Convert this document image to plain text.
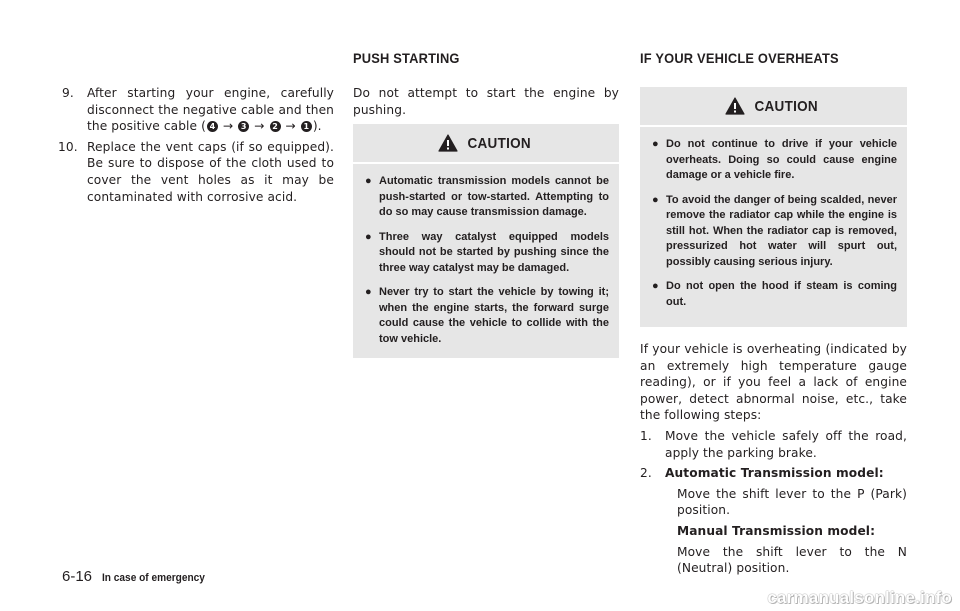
9. After starting your engine, carefully disconnect the negative cable and then the positive cable ( 4 → 3 → 2 → 1 ).
10. Replace the vent caps (if so equipped). Be sure to dispose of the cloth used to cover the vent holes as it may be contaminated with corrosive acid.
PUSH STARTING
Do not attempt to start the engine by pushing.
CAUTION
● Automatic transmission models cannot be push-started or tow-started. Attempting to do so may cause transmission damage.
● Three way catalyst equipped models should not be started by pushing since the three way catalyst may be damaged.
● Never try to start the vehicle by towing it; when the engine starts, the forward surge could cause the vehicle to collide with the tow vehicle.
IF YOUR VEHICLE OVERHEATS
CAUTION
● Do not continue to drive if your vehicle overheats. Doing so could cause engine damage or a vehicle fire.
● To avoid the danger of being scalded, never remove the radiator cap while the engine is still hot. When the radiator cap is removed, pressurized hot water will spurt out, possibly causing serious injury.
● Do not open the hood if steam is coming out.
If your vehicle is overheating (indicated by an extremely high temperature gauge reading), or if you feel a lack of engine power, detect abnormal noise, etc., take the following steps:
1. Move the vehicle safely off the road, apply the parking brake.
2. Automatic Transmission model:
Move the shift lever to the P (Park) position.
Manual Transmission model:
Move the shift lever to the N (Neutral) position.
6-16 In case of emergency
carmanualsonline.info
